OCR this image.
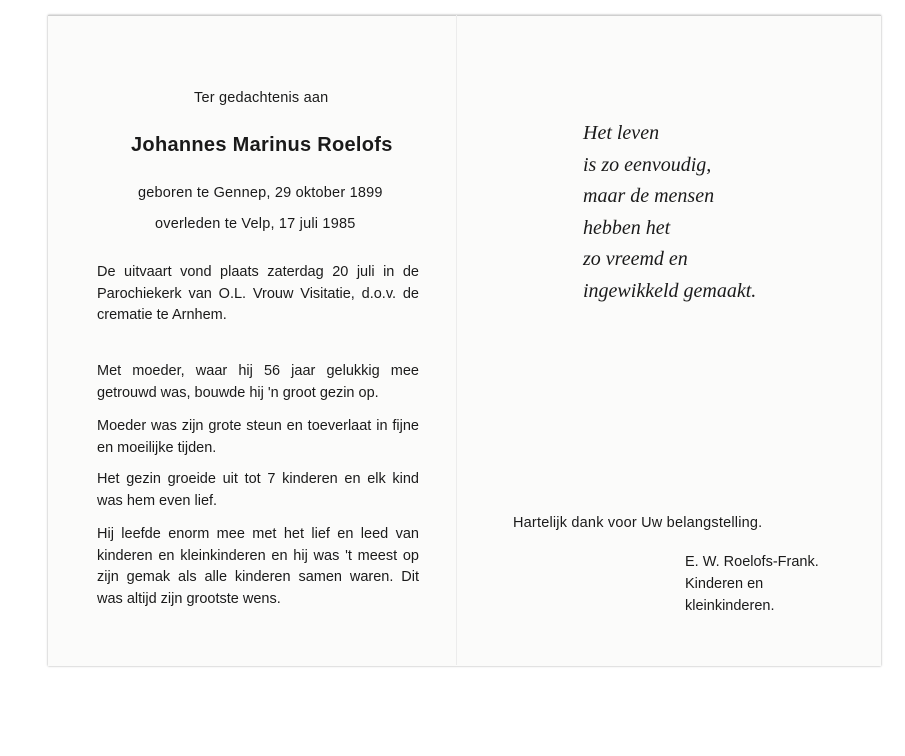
Ter gedachtenis aan
Johannes Marinus Roelofs
geboren te Gennep, 29 oktober 1899
overleden te Velp, 17 juli 1985
De uitvaart vond plaats zaterdag 20 juli in de Parochiekerk van O.L. Vrouw Visitatie, d.o.v. de crematie te Arnhem.
Met moeder, waar hij 56 jaar gelukkig mee getrouwd was, bouwde hij 'n groot gezin op.
Moeder was zijn grote steun en toeverlaat in fijne en moeilijke tijden.
Het gezin groeide uit tot 7 kinderen en elk kind was hem even lief.
Hij leefde enorm mee met het lief en leed van kinderen en kleinkinderen en hij was 't meest op zijn gemak als alle kinderen samen waren. Dit was altijd zijn grootste wens.
Het leven
is zo eenvoudig,
maar de mensen
hebben het
zo vreemd en
ingewikkeld gemaakt.
Hartelijk dank voor Uw belangstelling.
E. W. Roelofs-Frank.
Kinderen en
kleinkinderen.
